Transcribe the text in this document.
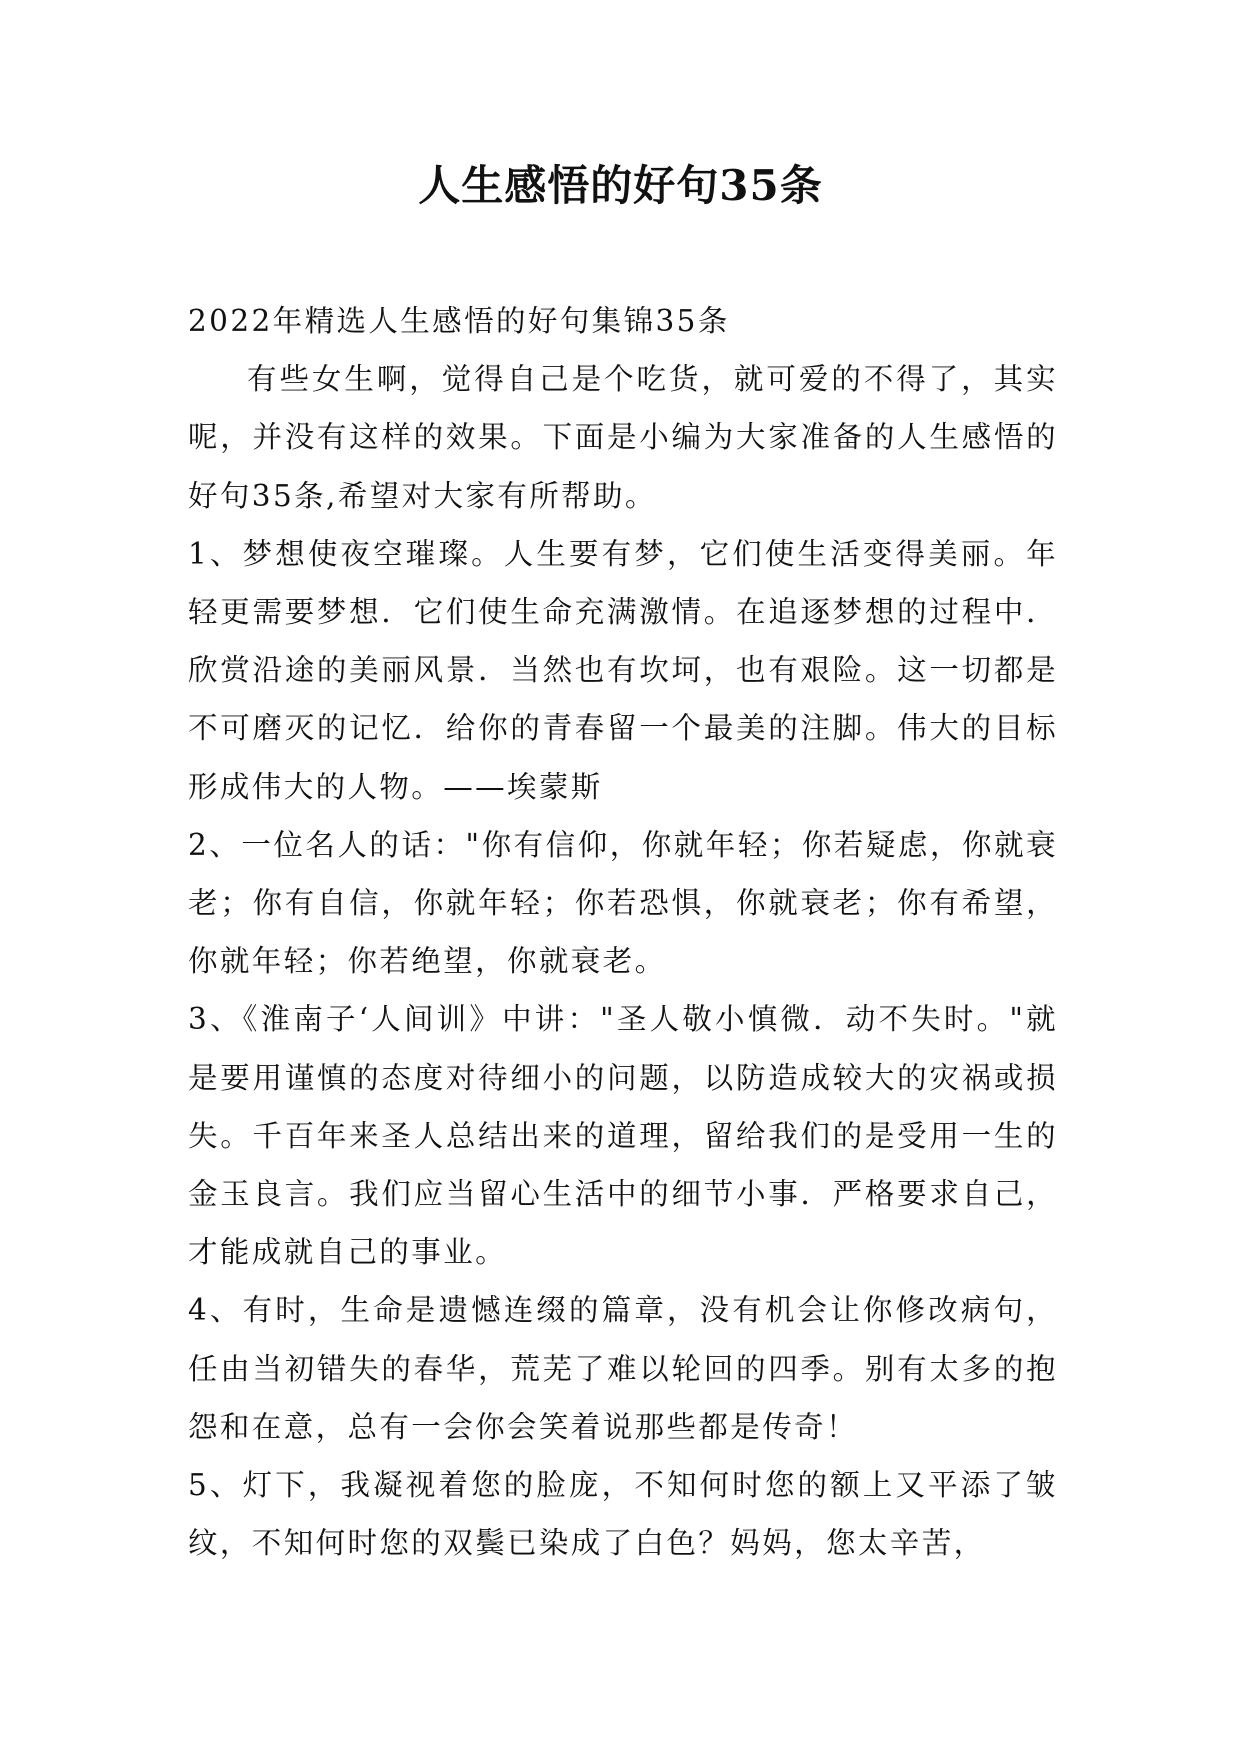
人生感悟的好句35条

2022年精选人生感悟的好句集锦35条

有些女生啊，觉得自己是个吃货，就可爱的不得了，其实呢，并没有这样的效果。下面是小编为大家准备的人生感悟的好句35条,希望对大家有所帮助。

1、梦想使夜空璀璨。人生要有梦，它们使生活变得美丽。年轻更需要梦想．它们使生命充满激情。在追逐梦想的过程中．欣赏沿途的美丽风景．当然也有坎坷，也有艰险。这一切都是不可磨灭的记忆．给你的青春留一个最美的注脚。伟大的目标形成伟大的人物。——埃蒙斯

2、一位名人的话："你有信仰，你就年轻；你若疑虑，你就衰老；你有自信，你就年轻；你若恐惧，你就衰老；你有希望，你就年轻；你若绝望，你就衰老。

3、《淮南子‘人间训》中讲："圣人敬小慎微．动不失时。"就是要用谨慎的态度对待细小的问题，以防造成较大的灾祸或损失。千百年来圣人总结出来的道理，留给我们的是受用一生的金玉良言。我们应当留心生活中的细节小事．严格要求自己，才能成就自己的事业。

4、有时，生命是遗憾连缀的篇章，没有机会让你修改病句，任由当初错失的春华，荒芜了难以轮回的四季。别有太多的抱怨和在意，总有一会你会笑着说那些都是传奇！

5、灯下，我凝视着您的脸庞，不知何时您的额上又平添了皱纹，不知何时您的双鬓已染成了白色？妈妈，您太辛苦，
